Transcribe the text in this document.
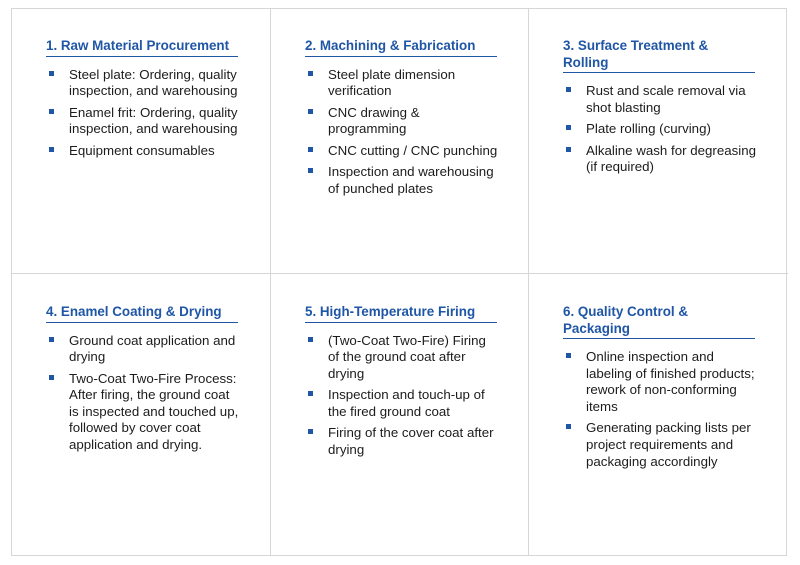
1. Raw Material Procurement
Steel plate: Ordering, quality inspection, and warehousing
Enamel frit: Ordering, quality inspection, and warehousing
Equipment consumables
2. Machining & Fabrication
Steel plate dimension verification
CNC drawing & programming
CNC cutting / CNC punching
Inspection and warehousing of punched plates
3. Surface Treatment & Rolling
Rust and scale removal via shot blasting
Plate rolling (curving)
Alkaline wash for degreasing (if required)
4. Enamel Coating & Drying
Ground coat application and drying
Two-Coat Two-Fire Process: After firing, the ground coat is inspected and touched up, followed by cover coat application and drying.
5. High-Temperature Firing
(Two-Coat Two-Fire) Firing of the ground coat after drying
Inspection and touch-up of the fired ground coat
Firing of the cover coat after drying
6. Quality Control & Packaging
Online inspection and labeling of finished products; rework of non-conforming items
Generating packing lists per project requirements and packaging accordingly
